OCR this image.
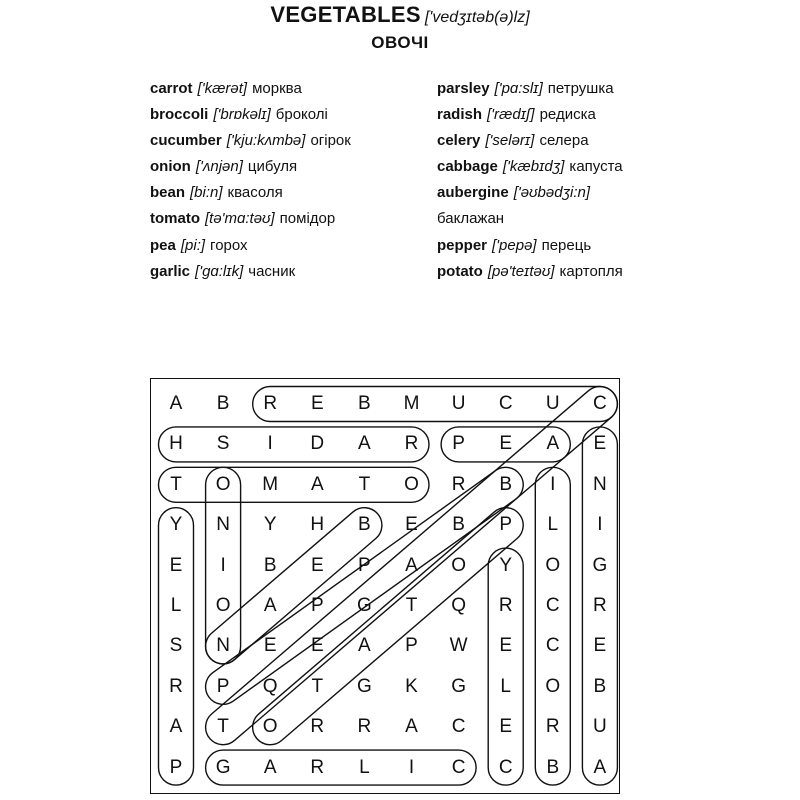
VEGETABLES ['vedʒɪtəb(ə)lz]
ОВОЧІ
carrot ['kærət] морква
broccoli ['brɒkəlɪ] броколі
cucumber ['kju:kʌmbə] огірок
onion ['ʌnjən] цибуля
bean [bi:n] квасоля
tomato [tə'mɑ:təʊ] помідор
pea [pi:] горох
garlic ['gɑ:lɪk] часник
parsley ['pɑ:slɪ] петрушка
radish ['rædɪʃ] редиска
celery ['selərɪ] селера
cabbage ['kæbɪdʒ] капуста
aubergine ['əʊbədʒi:n]
баклажан
pepper ['pepə] перець
potato [pə'teɪtəʊ] картопля
A	B	R	E	B	M	U	C	U	C
H	S	I	D	A	R	P	E	A	E
T	O	M	A	T	O	R	B	I	N
Y	N	Y	H	B	E	B	P	L	I
E	I	B	E	P	A	O	Y	O	G
L	O	A	P	G	T	Q	R	C	R
S	N	E	E	A	P	W	E	C	E
R	P	Q	T	G	K	G	L	O	B
A	T	O	R	R	A	C	E	R	U
P	G	A	R	L	I	C	C	B	A
